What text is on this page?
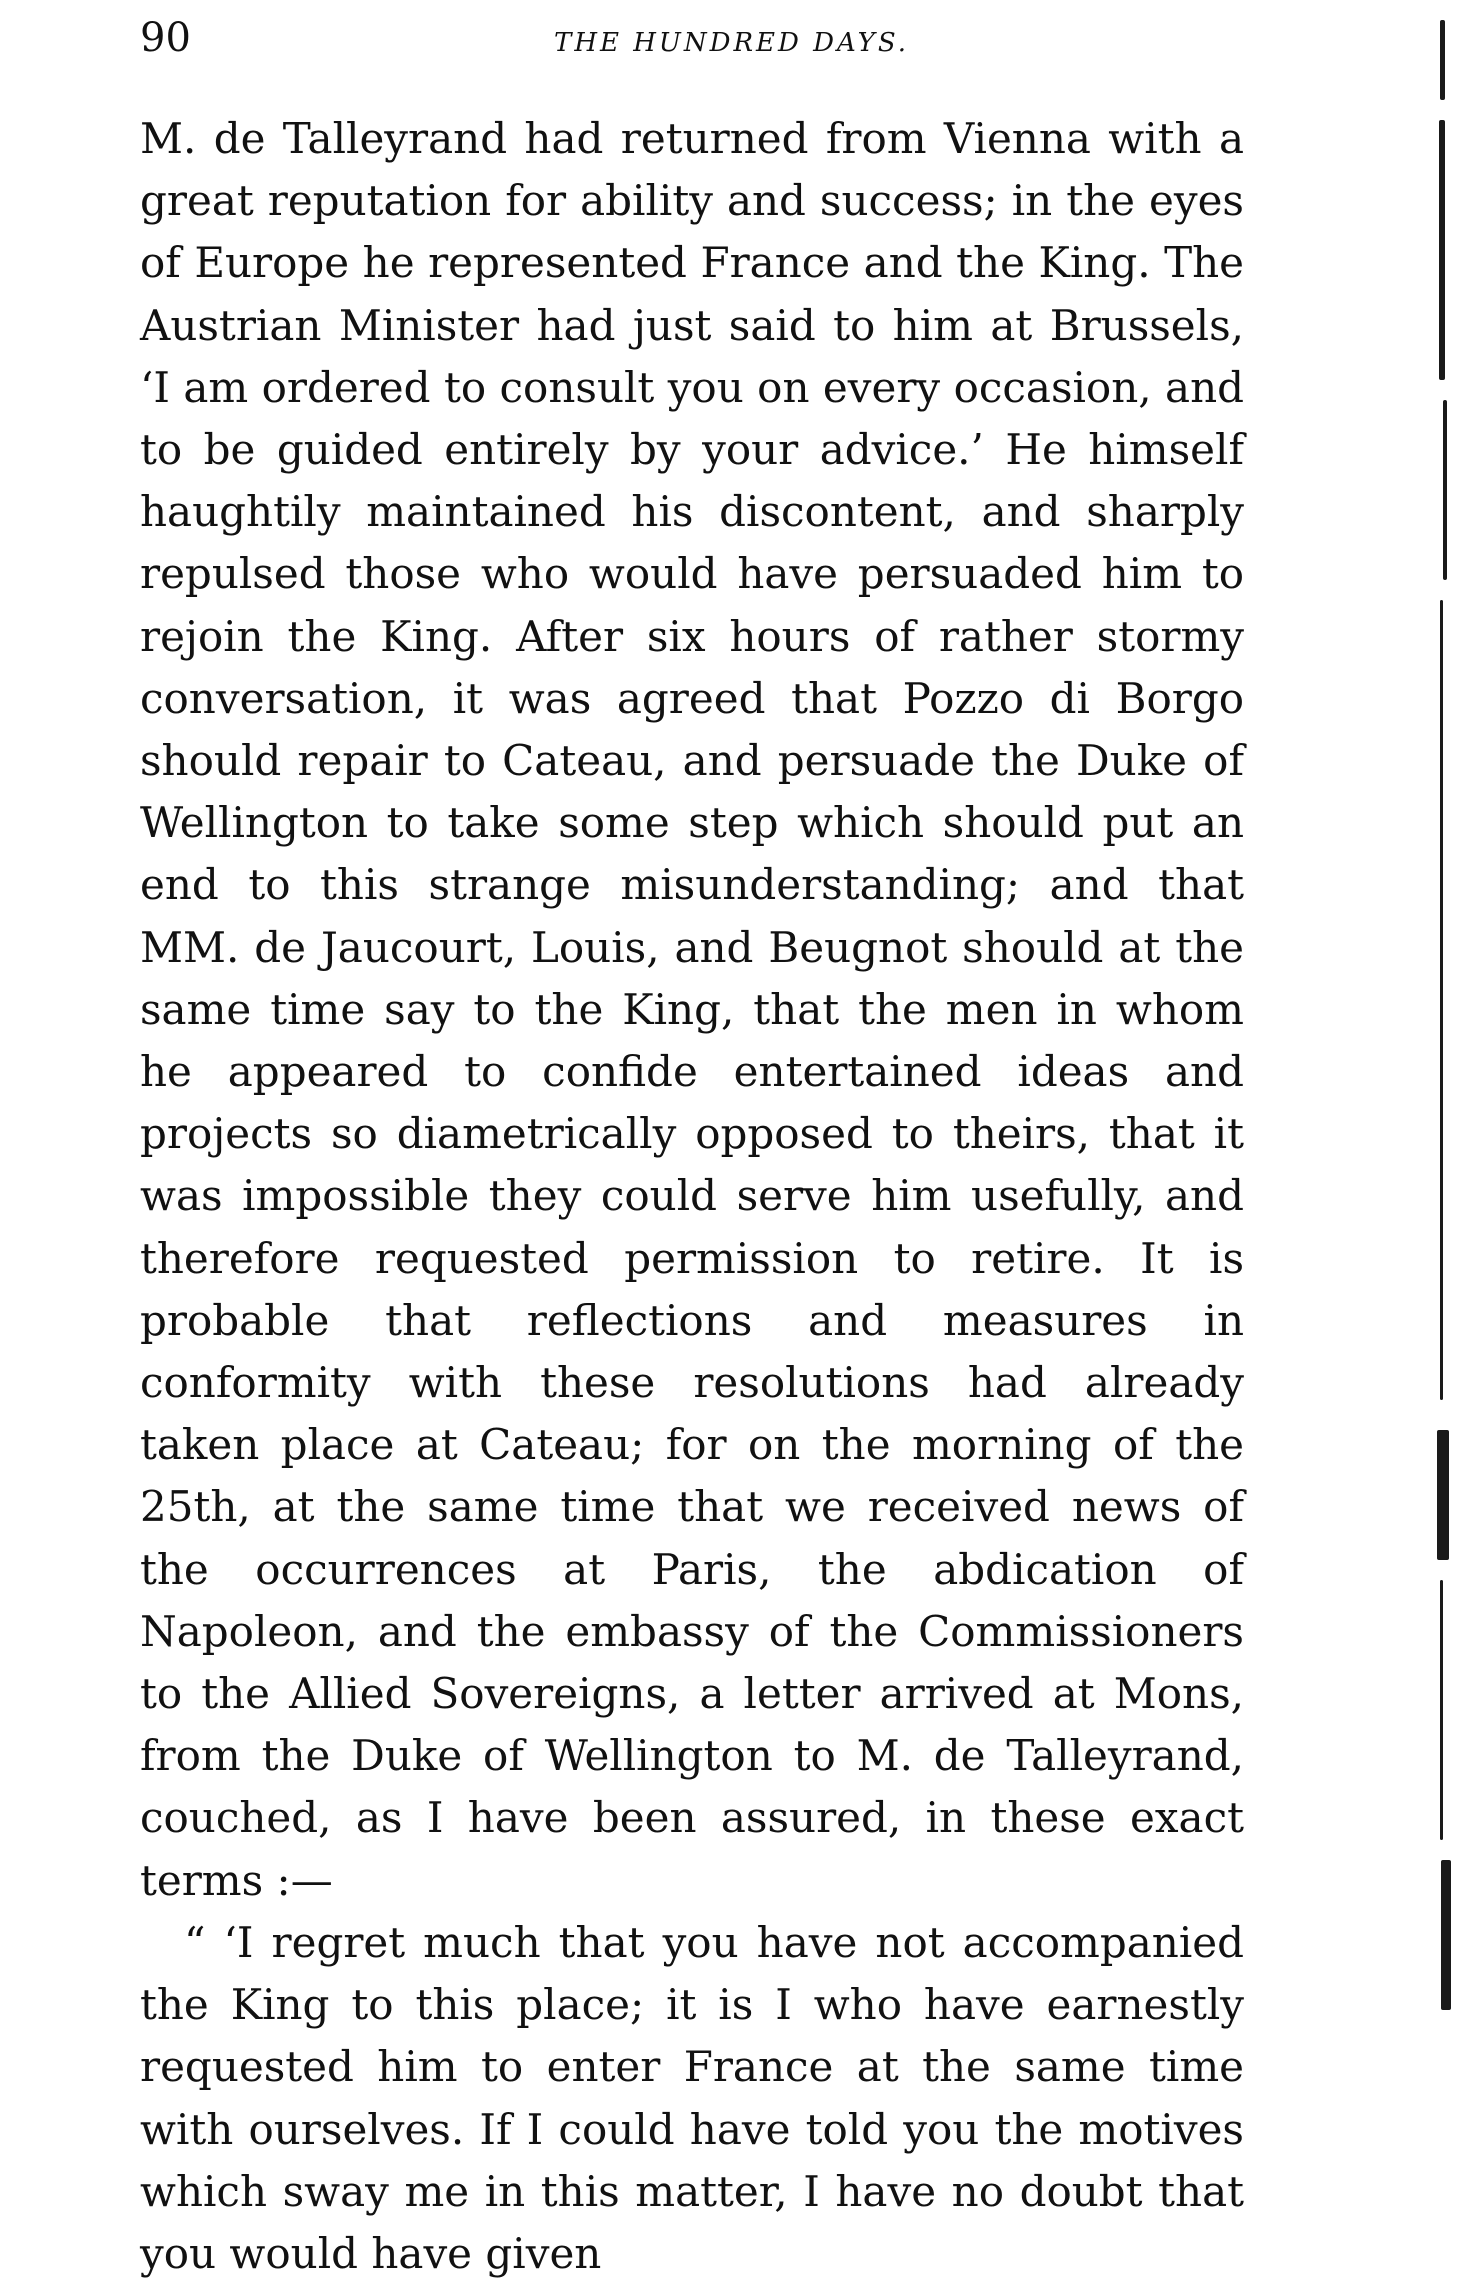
90	THE HUNDRED DAYS.

M. de Talleyrand had returned from Vienna with a great reputation for ability and success; in the eyes of Europe he represented France and the King. The Austrian Minister had just said to him at Brussels, ‘I am ordered to consult you on every occasion, and to be guided entirely by your advice.’ He himself haughtily maintained his discontent, and sharply repulsed those who would have persuaded him to rejoin the King. After six hours of rather stormy conversation, it was agreed that Pozzo di Borgo should repair to Cateau, and persuade the Duke of Wellington to take some step which should put an end to this strange misunderstanding; and that MM. de Jaucourt, Louis, and Beugnot should at the same time say to the King, that the men in whom he appeared to confide entertained ideas and projects so diametrically opposed to theirs, that it was impossible they could serve him usefully, and therefore requested permission to retire. It is probable that reflections and measures in conformity with these resolutions had already taken place at Cateau; for on the morning of the 25th, at the same time that we received news of the occurrences at Paris, the abdication of Napoleon, and the embassy of the Commissioners to the Allied Sovereigns, a letter arrived at Mons, from the Duke of Wellington to M. de Talleyrand, couched, as I have been assured, in these exact terms :—

“ ‘I regret much that you have not accompanied the King to this place; it is I who have earnestly requested him to enter France at the same time with ourselves. If I could have told you the motives which sway me in this matter, I have no doubt that you would have given
